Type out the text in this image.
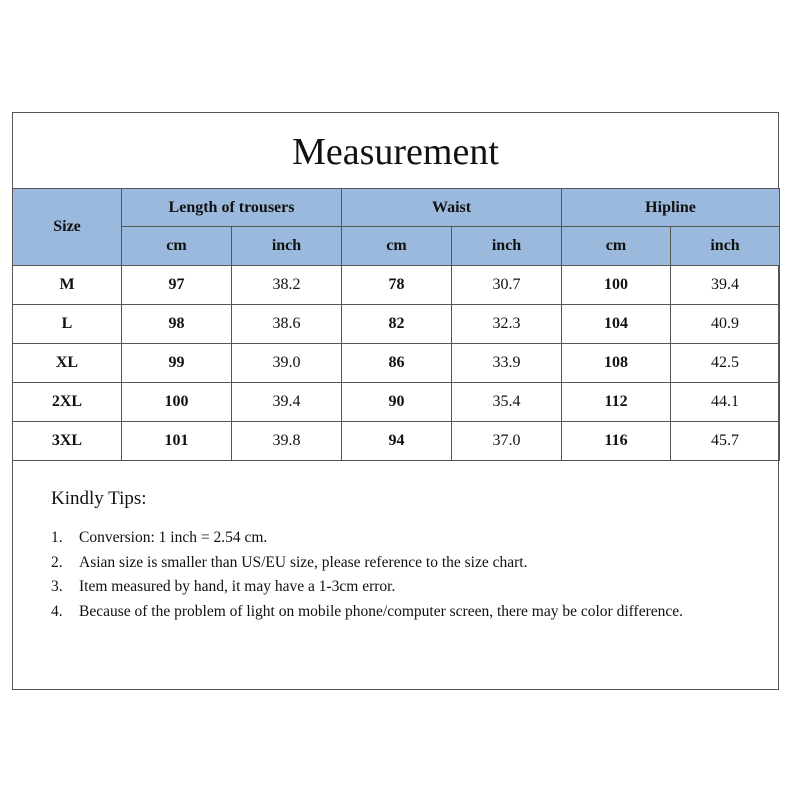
Measurement
Size	Length of trousers		Waist		Hipline	
	cm	inch	cm	inch	cm	inch
M	97	38.2	78	30.7	100	39.4
L	98	38.6	82	32.3	104	40.9
XL	99	39.0	86	33.9	108	42.5
2XL	100	39.4	90	35.4	112	44.1
3XL	101	39.8	94	37.0	116	45.7
Kindly Tips:
1. Conversion: 1 inch = 2.54 cm.
2. Asian size is smaller than US/EU size, please reference to the size chart.
3. Item measured by hand, it may have a 1-3cm error.
4. Because of the problem of light on mobile phone/computer screen, there may be color difference.
